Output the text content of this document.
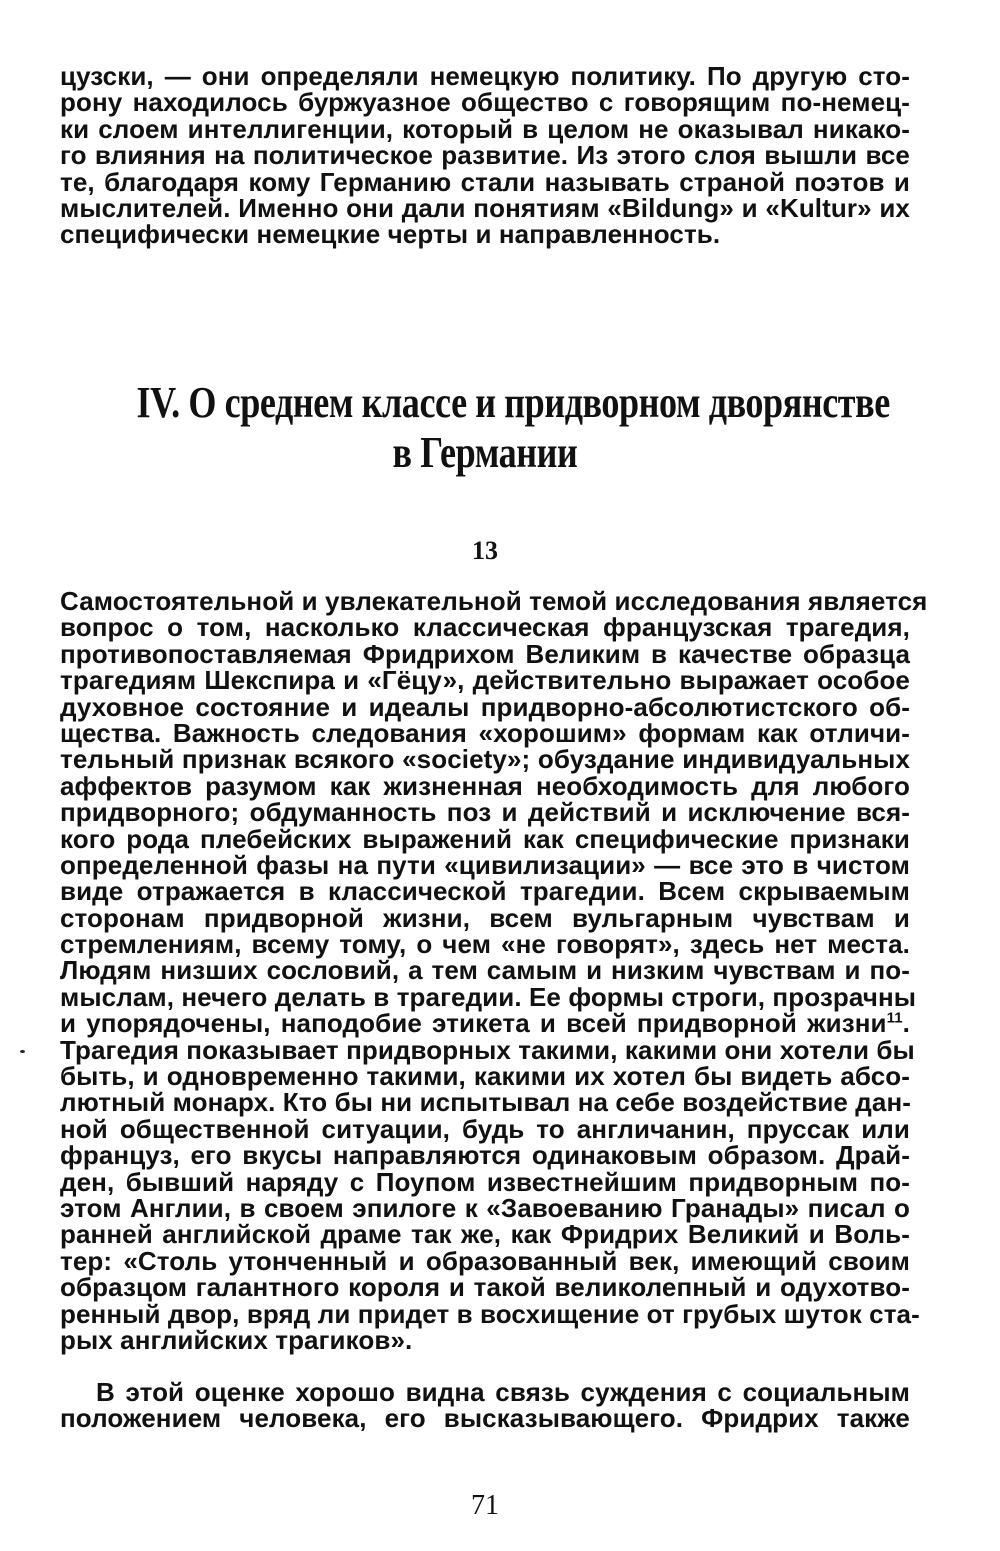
цузски, — они определяли немецкую политику. По другую сто-
рону находилось буржуазное общество с говорящим по-немец-
ки слоем интеллигенции, который в целом не оказывал никако-
го влияния на политическое развитие. Из этого слоя вышли все
те, благодаря кому Германию стали называть страной поэтов и
мыслителей. Именно они дали понятиям «Bildung» и «Kultur» их
специфически немецкие черты и направленность.
IV. О среднем классе и придворном дворянстве
в Германии
13
Самостоятельной и увлекательной темой исследования является
вопрос о том, насколько классическая французская трагедия,
противопоставляемая Фридрихом Великим в качестве образца
трагедиям Шекспира и «Гёцу», действительно выражает особое
духовное состояние и идеалы придворно-абсолютистского об-
щества. Важность следования «хорошим» формам как отличи-
тельный признак всякого «society»; обуздание индивидуальных
аффектов разумом как жизненная необходимость для любого
придворного; обдуманность поз и действий и исключение вся-
кого рода плебейских выражений как специфические признаки
определенной фазы на пути «цивилизации» — все это в чистом
виде отражается в классической трагедии. Всем скрываемым
сторонам придворной жизни, всем вульгарным чувствам и
стремлениям, всему тому, о чем «не говорят», здесь нет места.
Людям низших сословий, а тем самым и низким чувствам и по-
мыслам, нечего делать в трагедии. Ее формы строги, прозрачны
и упорядочены, наподобие этикета и всей придворной жизни$^{11}$.
Трагедия показывает придворных такими, какими они хотели бы
быть, и одновременно такими, какими их хотел бы видеть абсо-
лютный монарх. Кто бы ни испытывал на себе воздействие дан-
ной общественной ситуации, будь то англичанин, пруссак или
француз, его вкусы направляются одинаковым образом. Драй-
ден, бывший наряду с Поупом известнейшим придворным по-
этом Англии, в своем эпилоге к «Завоеванию Гранады» писал о
ранней английской драме так же, как Фридрих Великий и Воль-
тер: «Столь утонченный и образованный век, имеющий своим
образцом галантного короля и такой великолепный и одухотво-
ренный двор, вряд ли придет в восхищение от грубых шуток ста-
рых английских трагиков».
В этой оценке хорошо видна связь суждения с социальным
положением человека, его высказывающего. Фридрих также
71
